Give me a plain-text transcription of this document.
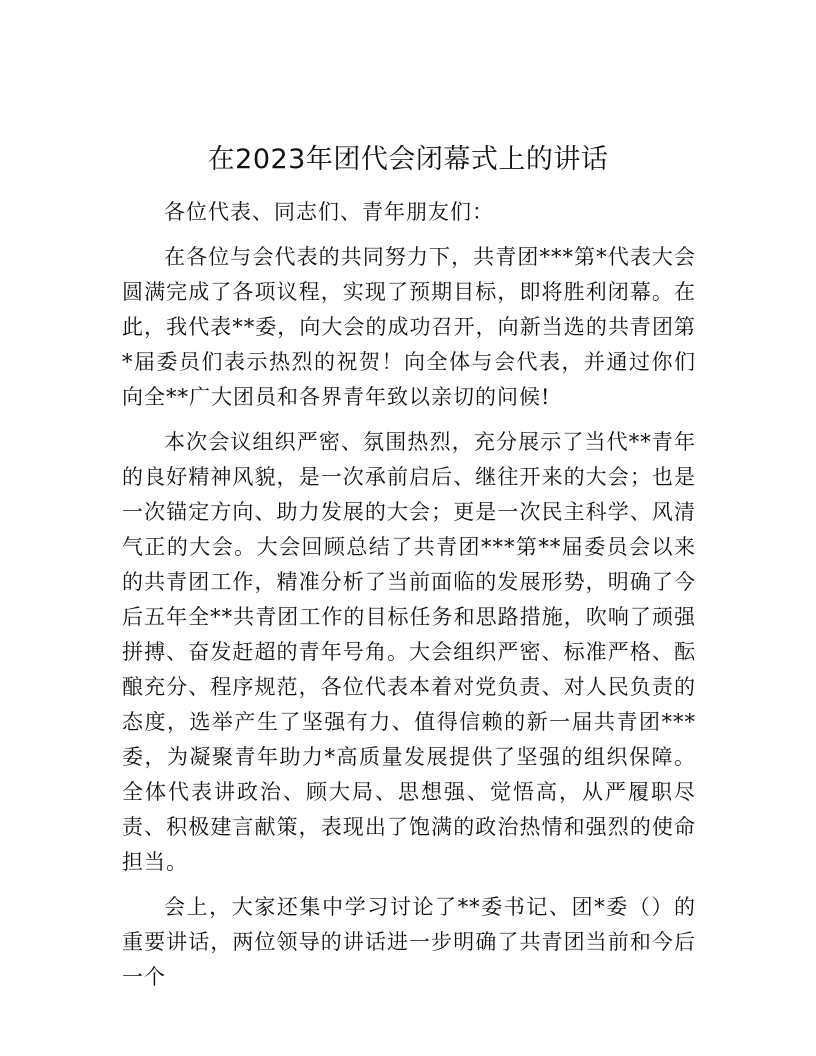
在2023年团代会闭幕式上的讲话

各位代表、同志们、青年朋友们：

在各位与会代表的共同努力下，共青团***第*代表大会圆满完成了各项议程，实现了预期目标，即将胜利闭幕。在此，我代表**委，向大会的成功召开，向新当选的共青团第*届委员们表示热烈的祝贺！向全体与会代表，并通过你们向全**广大团员和各界青年致以亲切的问候!

本次会议组织严密、氛围热烈，充分展示了当代**青年的良好精神风貌，是一次承前启后、继往开来的大会；也是一次锚定方向、助力发展的大会；更是一次民主科学、风清气正的大会。大会回顾总结了共青团***第**届委员会以来的共青团工作，精准分析了当前面临的发展形势，明确了今后五年全**共青团工作的目标任务和思路措施，吹响了顽强拼搏、奋发赶超的青年号角。大会组织严密、标准严格、酝酿充分、程序规范，各位代表本着对党负责、对人民负责的态度，选举产生了坚强有力、值得信赖的新一届共青团***委，为凝聚青年助力*高质量发展提供了坚强的组织保障。全体代表讲政治、顾大局、思想强、觉悟高，从严履职尽责、积极建言献策，表现出了饱满的政治热情和强烈的使命担当。

会上，大家还集中学习讨论了**委书记、团*委（）的重要讲话，两位领导的讲话进一步明确了共青团当前和今后一个
